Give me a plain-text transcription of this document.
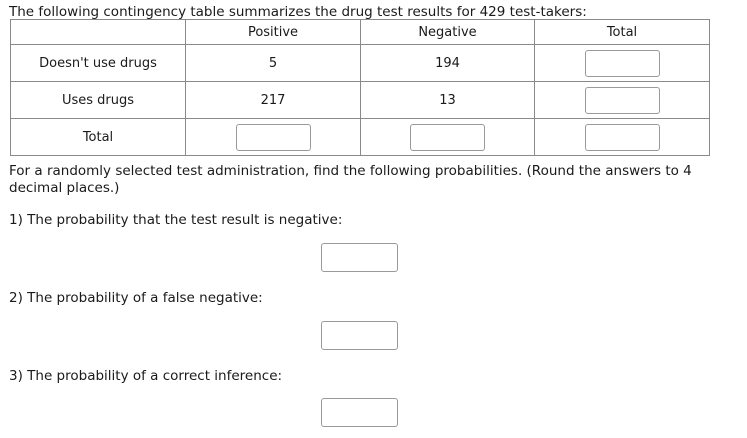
The following contingency table summarizes the drug test results for 429 test-takers:
	Positive	Negative	Total
Doesn't use drugs	5	194	
Uses drugs	217	13	
Total			
For a randomly selected test administration, find the following probabilities. (Round the answers to 4 decimal places.)
1) The probability that the test result is negative:
2) The probability of a false negative:
3) The probability of a correct inference:
